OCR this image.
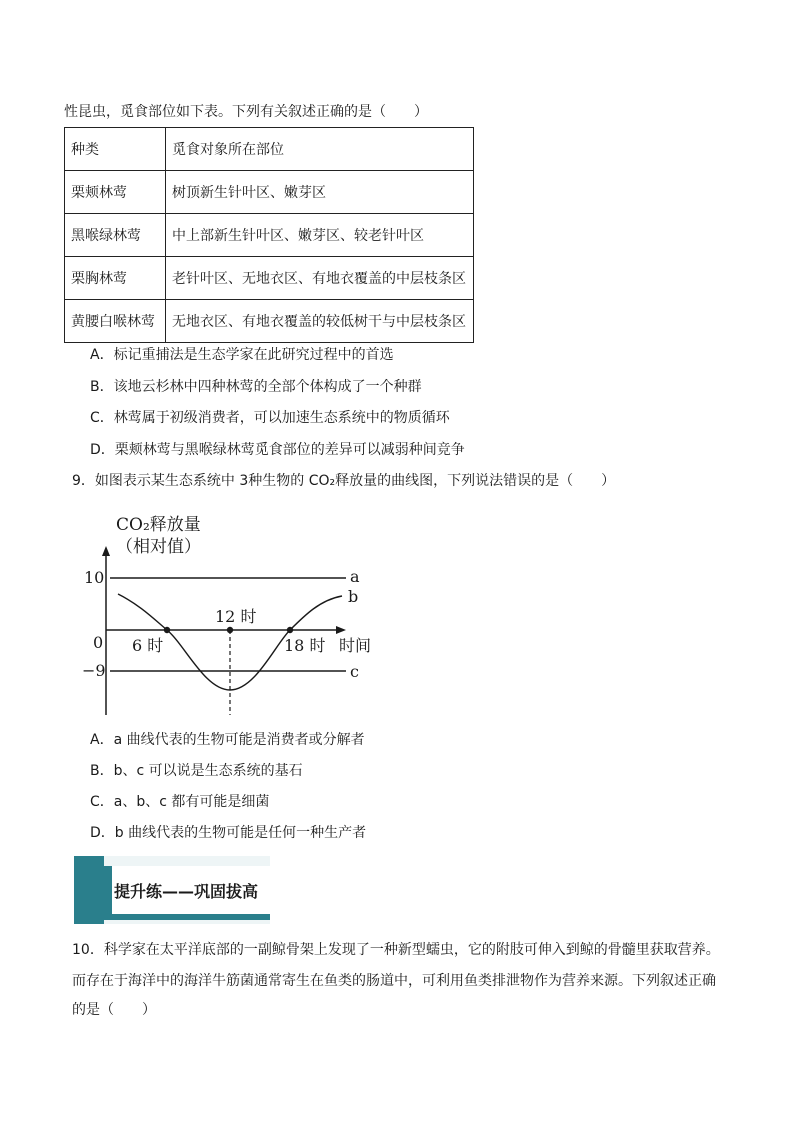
性昆虫，觅食部位如下表。下列有关叙述正确的是（　　）
种类	觅食对象所在部位
栗颊林莺	树顶新生针叶区、嫩芽区
黑喉绿林莺	中上部新生针叶区、嫩芽区、较老针叶区
栗胸林莺	老针叶区、无地衣区、有地衣覆盖的中层枝条区
黄腰白喉林莺	无地衣区、有地衣覆盖的较低树干与中层枝条区
A．标记重捕法是生态学家在此研究过程中的首选
B．该地云杉林中四种林莺的全部个体构成了一个种群
C．林莺属于初级消费者，可以加速生态系统中的物质循环
D．栗颊林莺与黑喉绿林莺觅食部位的差异可以减弱种间竞争
9．如图表示某生态系统中 3种生物的 CO₂释放量的曲线图，下列说法错误的是（　　）
CO₂释放量
（相对值）
10
0
−9
6 时
12 时
18 时 时间
a
b
c
A．a 曲线代表的生物可能是消费者或分解者
B．b、c 可以说是生态系统的基石
C．a、b、c 都有可能是细菌
D．b 曲线代表的生物可能是任何一种生产者
提升练——巩固拔高
10．科学家在太平洋底部的一副鲸骨架上发现了一种新型蠕虫，它的附肢可伸入到鲸的骨髓里获取营养。
而存在于海洋中的海洋牛筋菌通常寄生在鱼类的肠道中，可利用鱼类排泄物作为营养来源。下列叙述正确
的是（　　）
